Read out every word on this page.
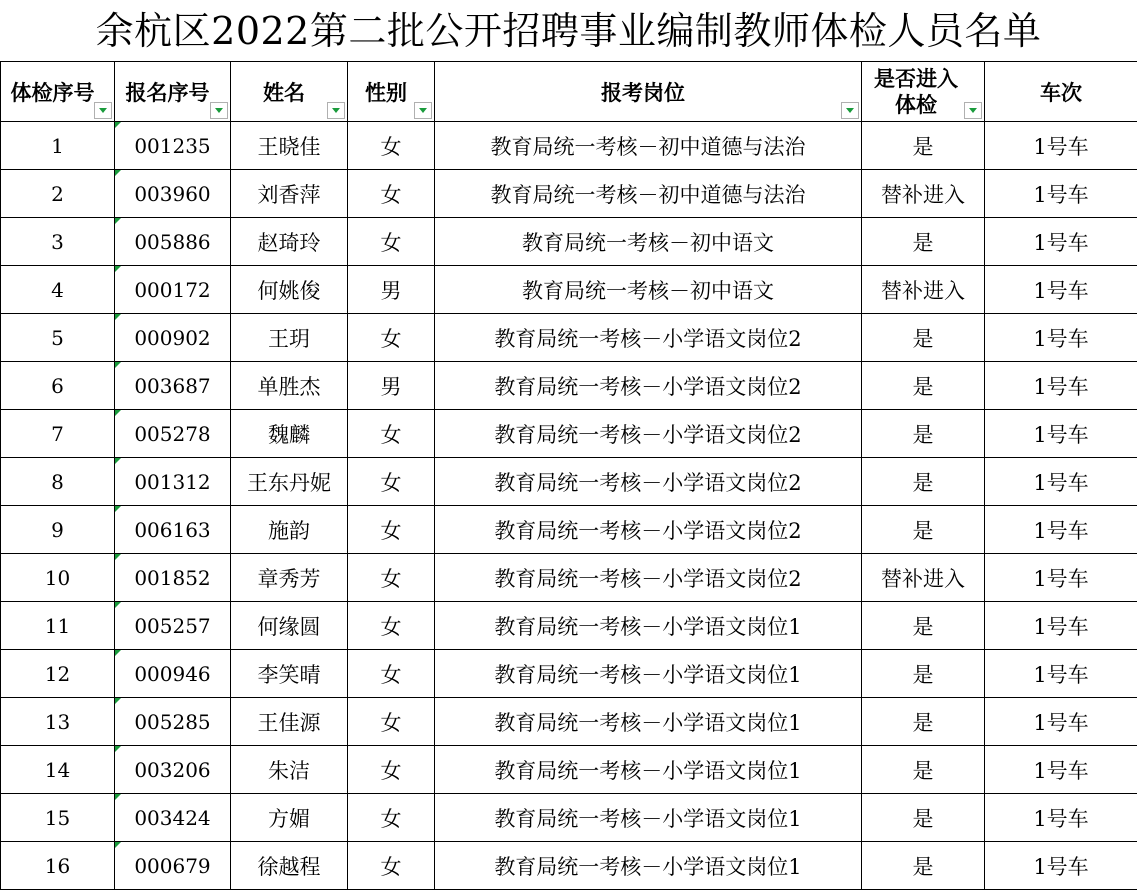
余杭区2022第二批公开招聘事业编制教师体检人员名单
体检序号	报名序号	姓名	性别	报考岗位	是否进入体检	车次
1	001235	王晓佳	女	教育局统一考核－初中道德与法治	是	1号车
2	003960	刘香萍	女	教育局统一考核－初中道德与法治	替补进入	1号车
3	005886	赵琦玲	女	教育局统一考核－初中语文	是	1号车
4	000172	何姚俊	男	教育局统一考核－初中语文	替补进入	1号车
5	000902	王玥	女	教育局统一考核－小学语文岗位2	是	1号车
6	003687	单胜杰	男	教育局统一考核－小学语文岗位2	是	1号车
7	005278	魏麟	女	教育局统一考核－小学语文岗位2	是	1号车
8	001312	王东丹妮	女	教育局统一考核－小学语文岗位2	是	1号车
9	006163	施韵	女	教育局统一考核－小学语文岗位2	是	1号车
10	001852	章秀芳	女	教育局统一考核－小学语文岗位2	替补进入	1号车
11	005257	何缘圆	女	教育局统一考核－小学语文岗位1	是	1号车
12	000946	李笑晴	女	教育局统一考核－小学语文岗位1	是	1号车
13	005285	王佳源	女	教育局统一考核－小学语文岗位1	是	1号车
14	003206	朱洁	女	教育局统一考核－小学语文岗位1	是	1号车
15	003424	方媚	女	教育局统一考核－小学语文岗位1	是	1号车
16	000679	徐越程	女	教育局统一考核－小学语文岗位1	是	1号车
